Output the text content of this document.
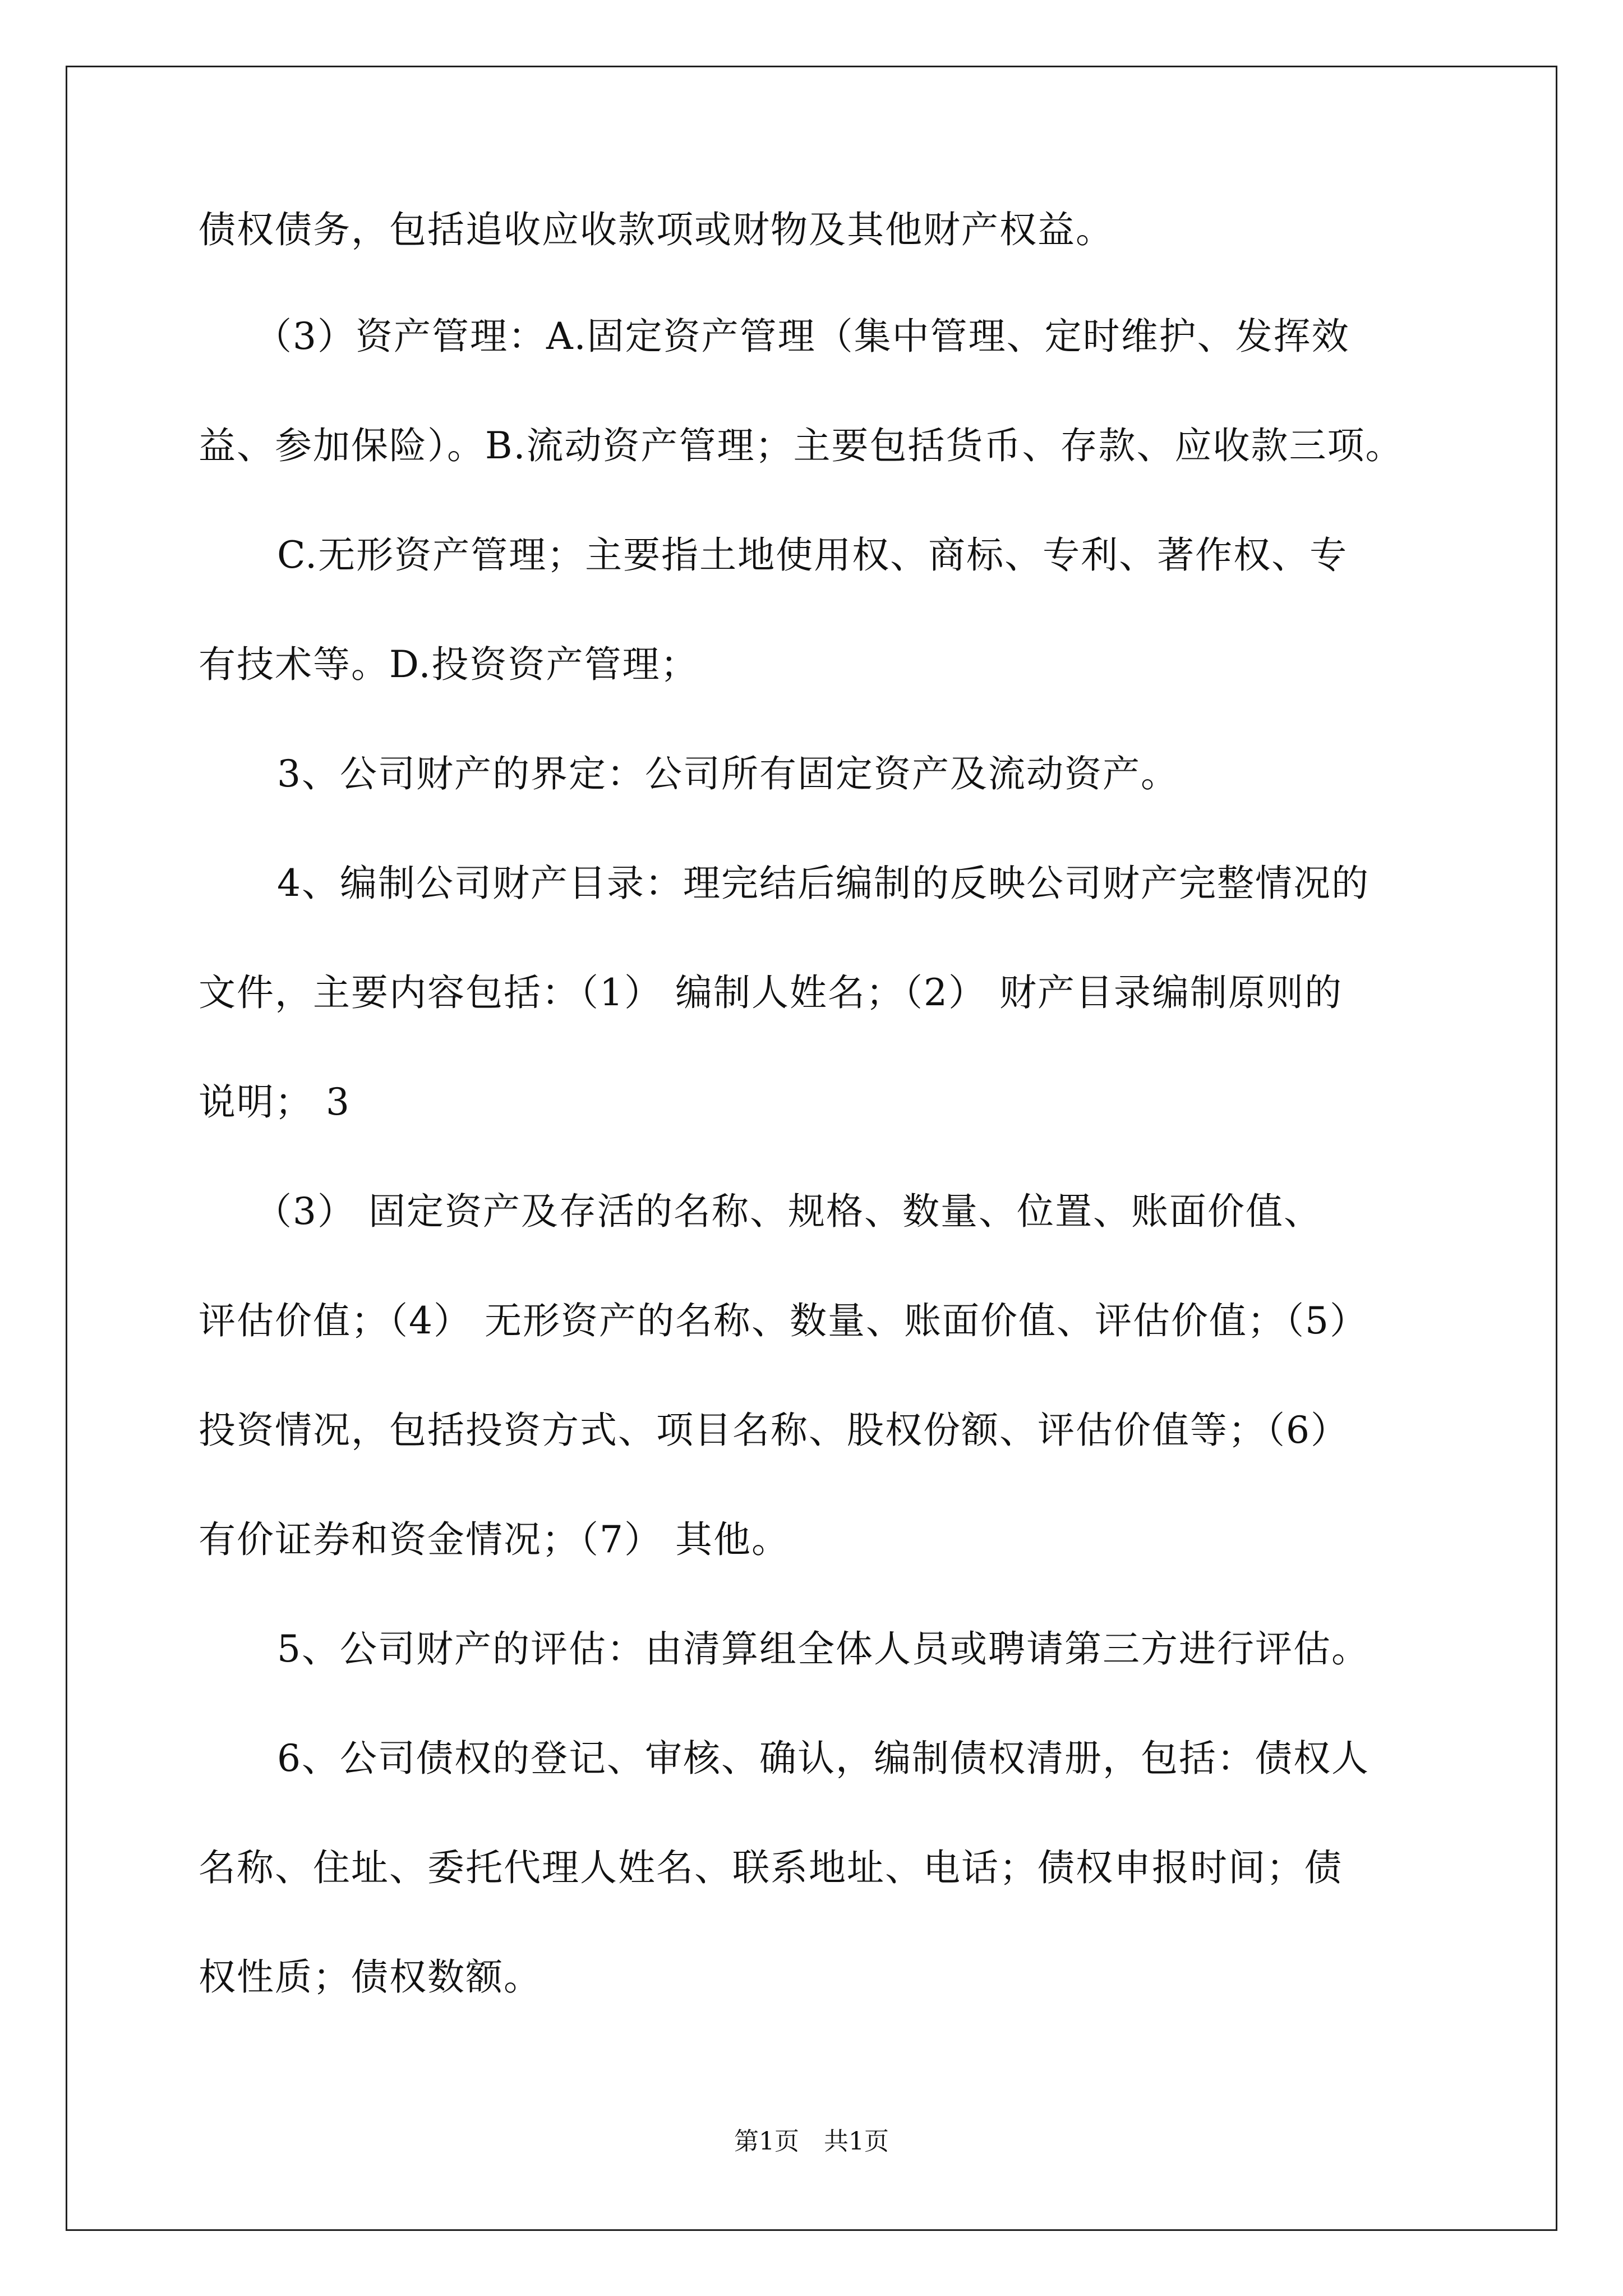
债权债务，包括追收应收款项或财物及其他财产权益。
（3）资产管理：A.固定资产管理（集中管理、定时维护、发挥效
益、参加保险）。B.流动资产管理；主要包括货币、存款、应收款三项。
C.无形资产管理；主要指土地使用权、商标、专利、著作权、专
有技术等。D.投资资产管理；
3、公司财产的界定：公司所有固定资产及流动资产。
4、编制公司财产目录：理完结后编制的反映公司财产完整情况的
文件，主要内容包括：（1） 编制人姓名；（2） 财产目录编制原则的
说明； 3
（3） 固定资产及存活的名称、规格、数量、位置、账面价值、
评估价值；（4） 无形资产的名称、数量、账面价值、评估价值；（5）
投资情况，包括投资方式、项目名称、股权份额、评估价值等；（6）
有价证券和资金情况；（7） 其他。
5、公司财产的评估：由清算组全体人员或聘请第三方进行评估。
6、公司债权的登记、审核、确认，编制债权清册，包括：债权人
名称、住址、委托代理人姓名、联系地址、电话；债权申报时间；债
权性质；债权数额。
第1页　共1页
